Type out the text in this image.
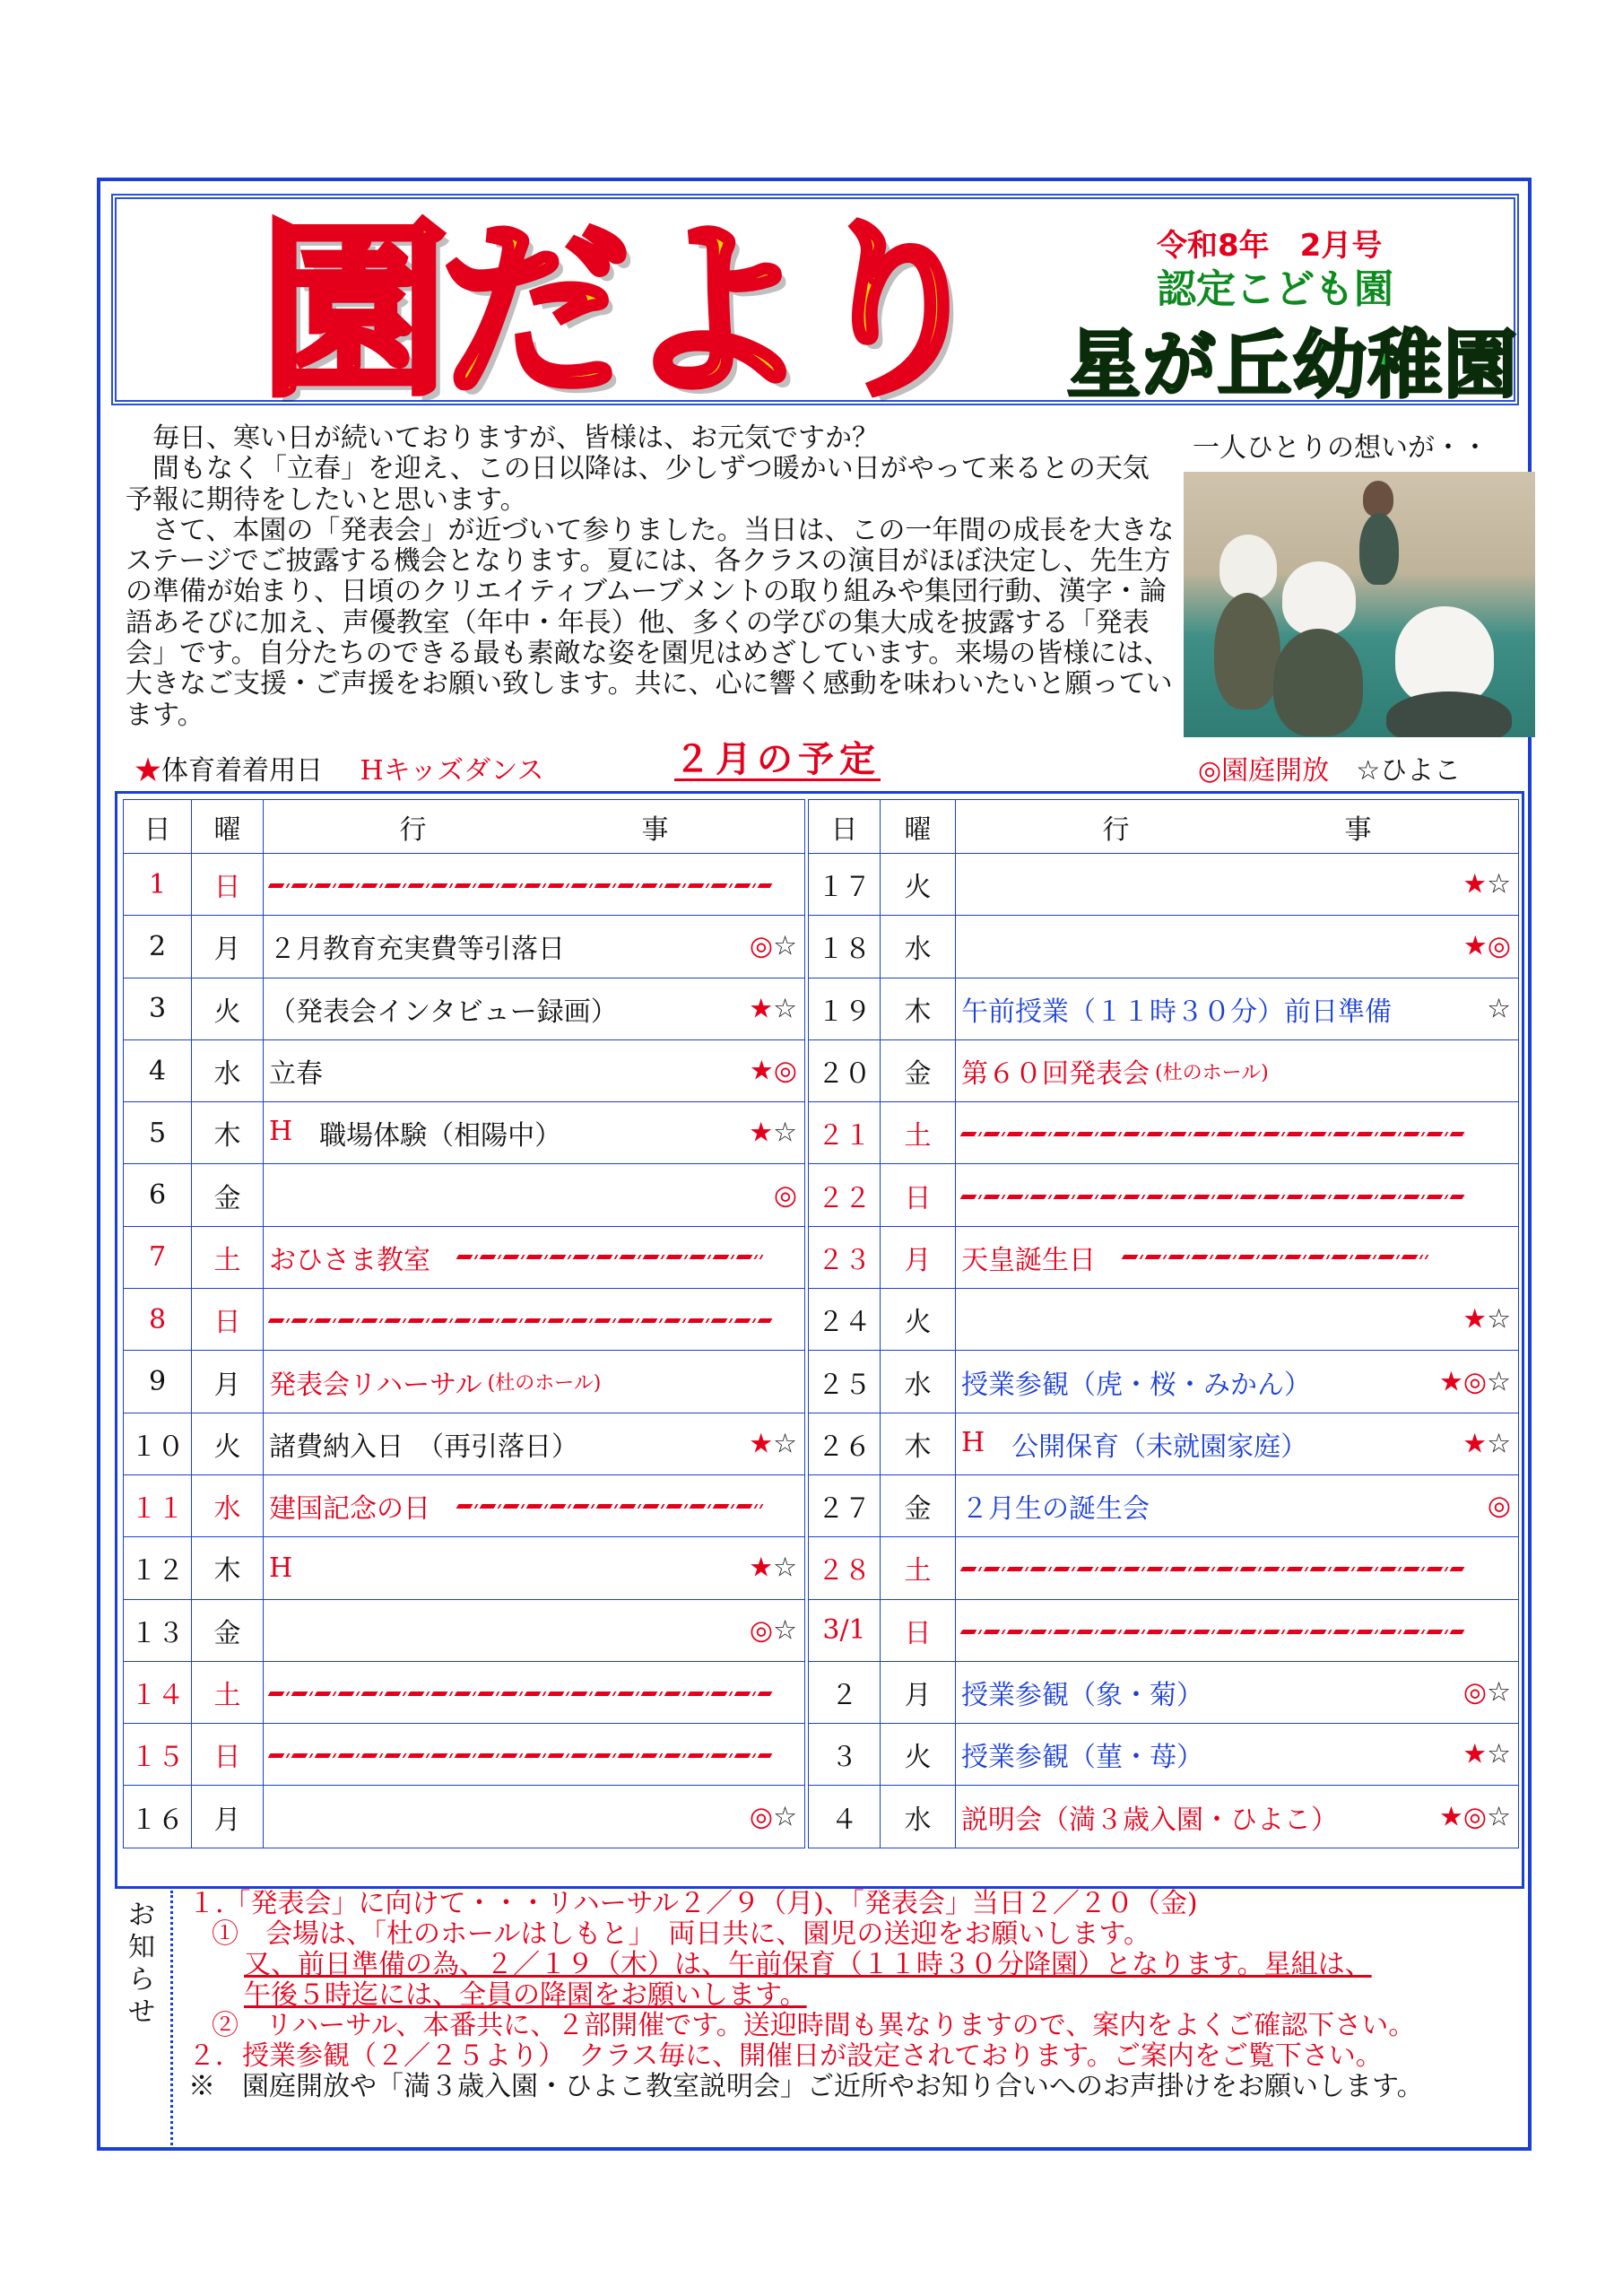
園だより	令和8年　2月号
認定こども園
星が丘幼稚園

毎日、寒い日が続いておりますが、皆様は、お元気ですか？

間もなく「立春」を迎え、この日以降は、少しずつ暖かい日がやって来るとの天気予報に期待をしたいと思います。

さて、本園の「発表会」が近づいて参りました。当日は、この一年間の成長を大きなステージでご披露する機会となります。夏には、各クラスの演目がほぼ決定し、先生方の準備が始まり、日頃のクリエイティブムーブメントの取り組みや集団行動、漢字・論語あそびに加え、声優教室（年中・年長）他、多くの学びの集大成を披露する「発表会」です。自分たちのできる最も素敵な姿を園児はめざしています。来場の皆様には、大きなご支援・ご声援をお願い致します。共に、心に響く感動を味わいたいと願っています。

一人ひとりの想いが・・
★体育着着用日 Hキッズダンス	２月の予定	◎園庭開放 ☆ひよこ
日	曜	行　　　　　　　　事
1	日	
2	月	２月教育充実費等引落日 ◎☆

3	火	（発表会インタビュー録画） ★☆

4	水	立春 ★◎

5	木	H 職場体験（相陽中） ★☆

6	金	◎

7	土	おひさま教室
8	日	
9	月	発表会リハーサル (杜のホール)
１０	火	諸費納入日　（再引落日） ★☆

１１	水	建国記念の日
１２	木	H ★☆

１３	金	◎☆

１４	土	
１５	日	
１６	月	◎☆
日	曜	行　　　　　　　　事
１７	火	★☆

１８	水	★◎

１９	木	午前授業（１１時３０分）前日準備 ☆

２０	金	第６０回発表会 (杜のホール)
２１	土	
２２	日	
２３	月	天皇誕生日
２４	火	★☆

２５	水	授業参観（虎・桜・みかん） ★◎☆

２６	木	H 公開保育（未就園家庭） ★☆

２７	金	２月生の誕生会 ◎

２８	土	
3/1	日	
２	月	授業参観（象・菊） ◎☆

３	火	授業参観（菫・苺） ★☆

４	水	説明会（満３歳入園・ひよこ） ★◎☆
お知らせ
１.「発表会」に向けて・・・リハーサル２／９（月)、「発表会」当日２／２０（金)
①　会場は、「杜のホールはしもと」　両日共に、園児の送迎をお願いします。
又、前日準備の為、２／１９（木）は、午前保育（１１時３０分降園）となります。星組は、
午後５時迄には、全員の降園をお願いします。
②　リハーサル、本番共に、２部開催です。送迎時間も異なりますので、案内をよくご確認下さい。
２．授業参観（２／２５より）　クラス毎に、開催日が設定されております。ご案内をご覧下さい。
※　園庭開放や「満３歳入園・ひよこ教室説明会」ご近所やお知り合いへのお声掛けをお願いします。
